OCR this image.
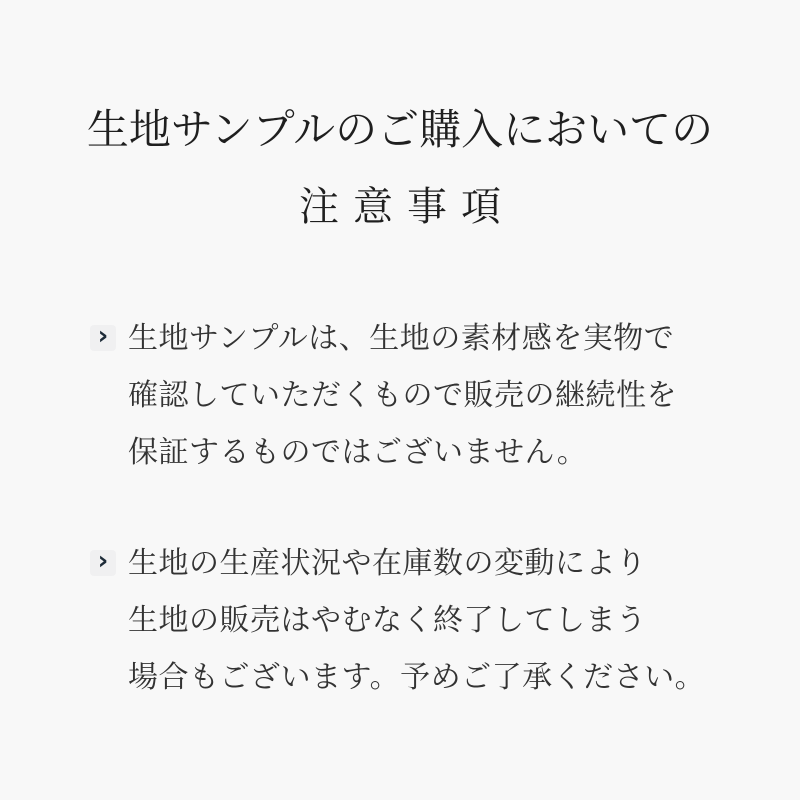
生地サンプルのご購入においての
注意事項
› 生地サンプルは、生地の素材感を実物で
確認していただくもので販売の継続性を
保証するものではございません。
› 生地の生産状況や在庫数の変動により
生地の販売はやむなく終了してしまう
場合もございます。予めご了承ください。
